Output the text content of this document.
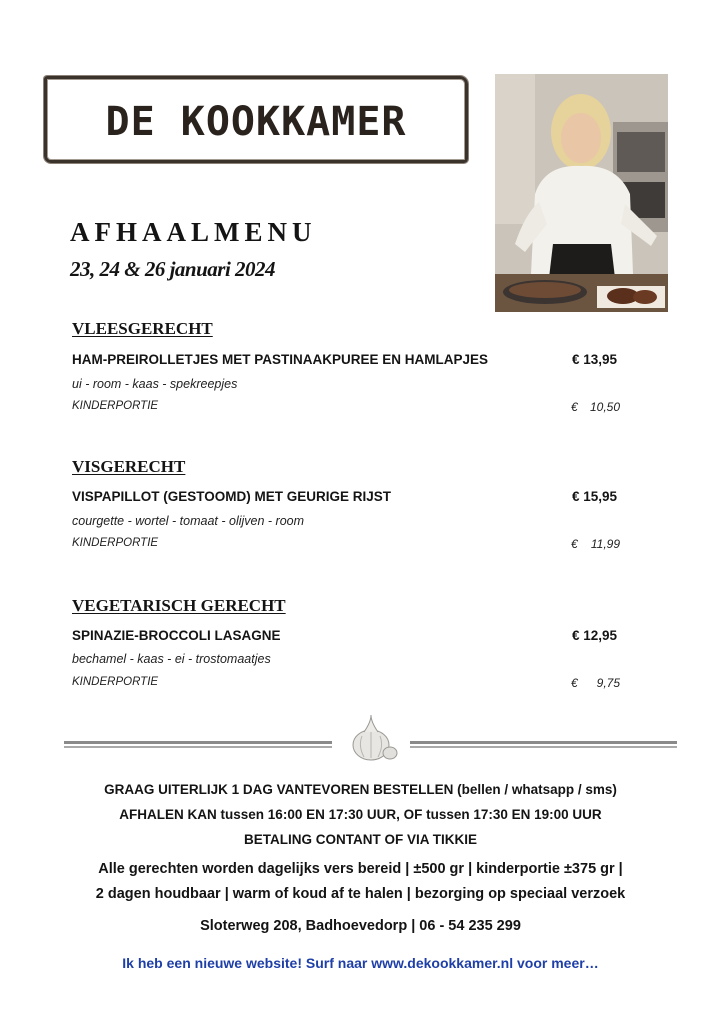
DE KOOKKAMER
AFHAALMENU
23, 24 & 26 januari 2024
VLEESGERECHT
HAM-PREIROLLETJES MET PASTINAAKPUREE EN HAMLAPJES	€ 13,95
ui - room - kaas - spekreepjes
KINDERPORTIE	€ 10,50
VISGERECHT
VISPAPILLOT (GESTOOMD) MET GEURIGE RIJST	€ 15,95
courgette - wortel - tomaat - olijven - room
KINDERPORTIE	€ 11,99
VEGETARISCH GERECHT
SPINAZIE-BROCCOLI LASAGNE	€ 12,95
bechamel - kaas - ei - trostomaatjes
KINDERPORTIE	€ 9,75
GRAAG UITERLIJK 1 DAG VANTEVOREN BESTELLEN (bellen / whatsapp / sms)
AFHALEN KAN tussen 16:00 EN 17:30 UUR, OF tussen 17:30 EN 19:00 UUR
BETALING CONTANT OF VIA TIKKIE
Alle gerechten worden dagelijks vers bereid | ±500 gr | kinderportie ±375 gr |
2 dagen houdbaar | warm of koud af te halen | bezorging op speciaal verzoek
Sloterweg 208, Badhoevedorp | 06 - 54 235 299
Ik heb een nieuwe website! Surf naar www.dekookkamer.nl voor meer…
